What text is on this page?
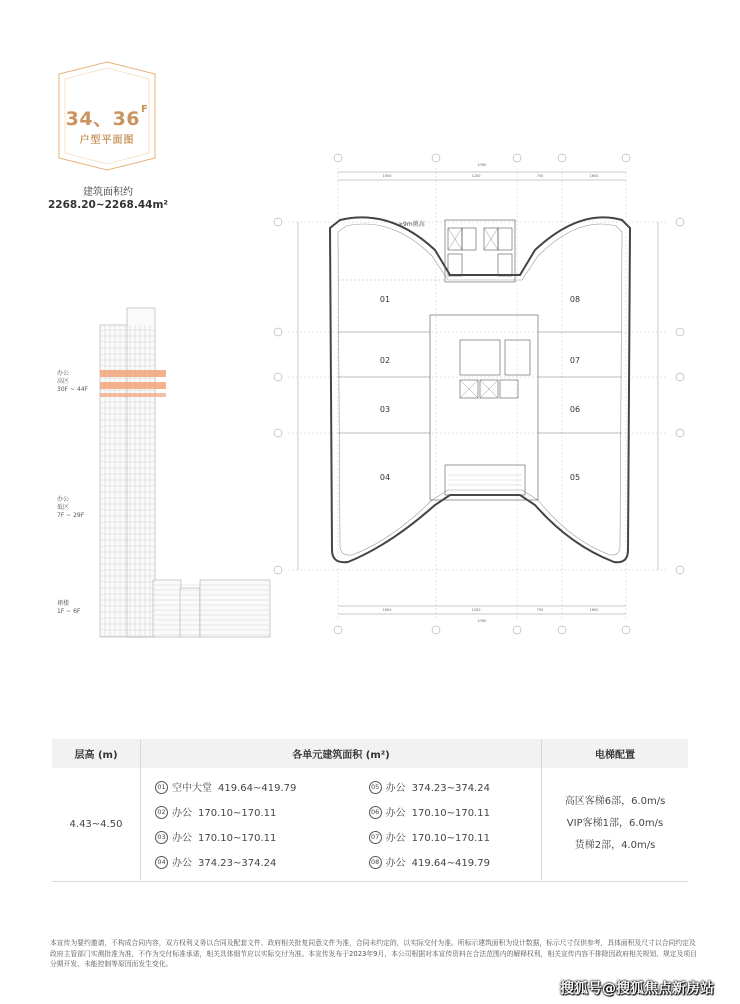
34、$36^F$
户型平面图
建筑面积约
2268.20~2268.44m²
办公
高区
30F ~ 44F
办公
低区
7F ~ 29F
裙楼
1F ~ 6F
01
02
03
04	05
06
07
08
≥9m挑高
4760
1600	1200	750	1600
1600	1200	750	1600
4760
层高 (m)	各单元建筑面积 (m²)	电梯配置
4.43~4.50	
01 空中大堂 419.64~419.79	05 办公 374.23~374.24
02 办公 170.10~170.11	06 办公 170.10~170.11
03 办公 170.10~170.11	07 办公 170.10~170.11
04 办公 374.23~374.24	08 办公 419.64~419.79

高区客梯6部，6.0m/s
VIP客梯1部，6.0m/s
货梯2部，4.0m/s

本宣传为要约邀请，不构成合同内容，双方权利义务以合同及配套文件、政府相关批复同意文件为准，合同未约定的，以实际交付为准。所标示建筑面积为设计数据，标示尺寸仅供参考，具体面积及尺寸以合同约定及政府主管部门实测批准为准，不作为交付标准承诺，相关具体细节应以实际交付为准。本宣传发布于2023年9月，本公司根据对本宣传资料在合法范围内的解释权利，相关宣传内容不排除因政府相关规划、规定及项目分期开发、未能控制等原因而发生变化。
搜狐号@搜狐焦点新房站
